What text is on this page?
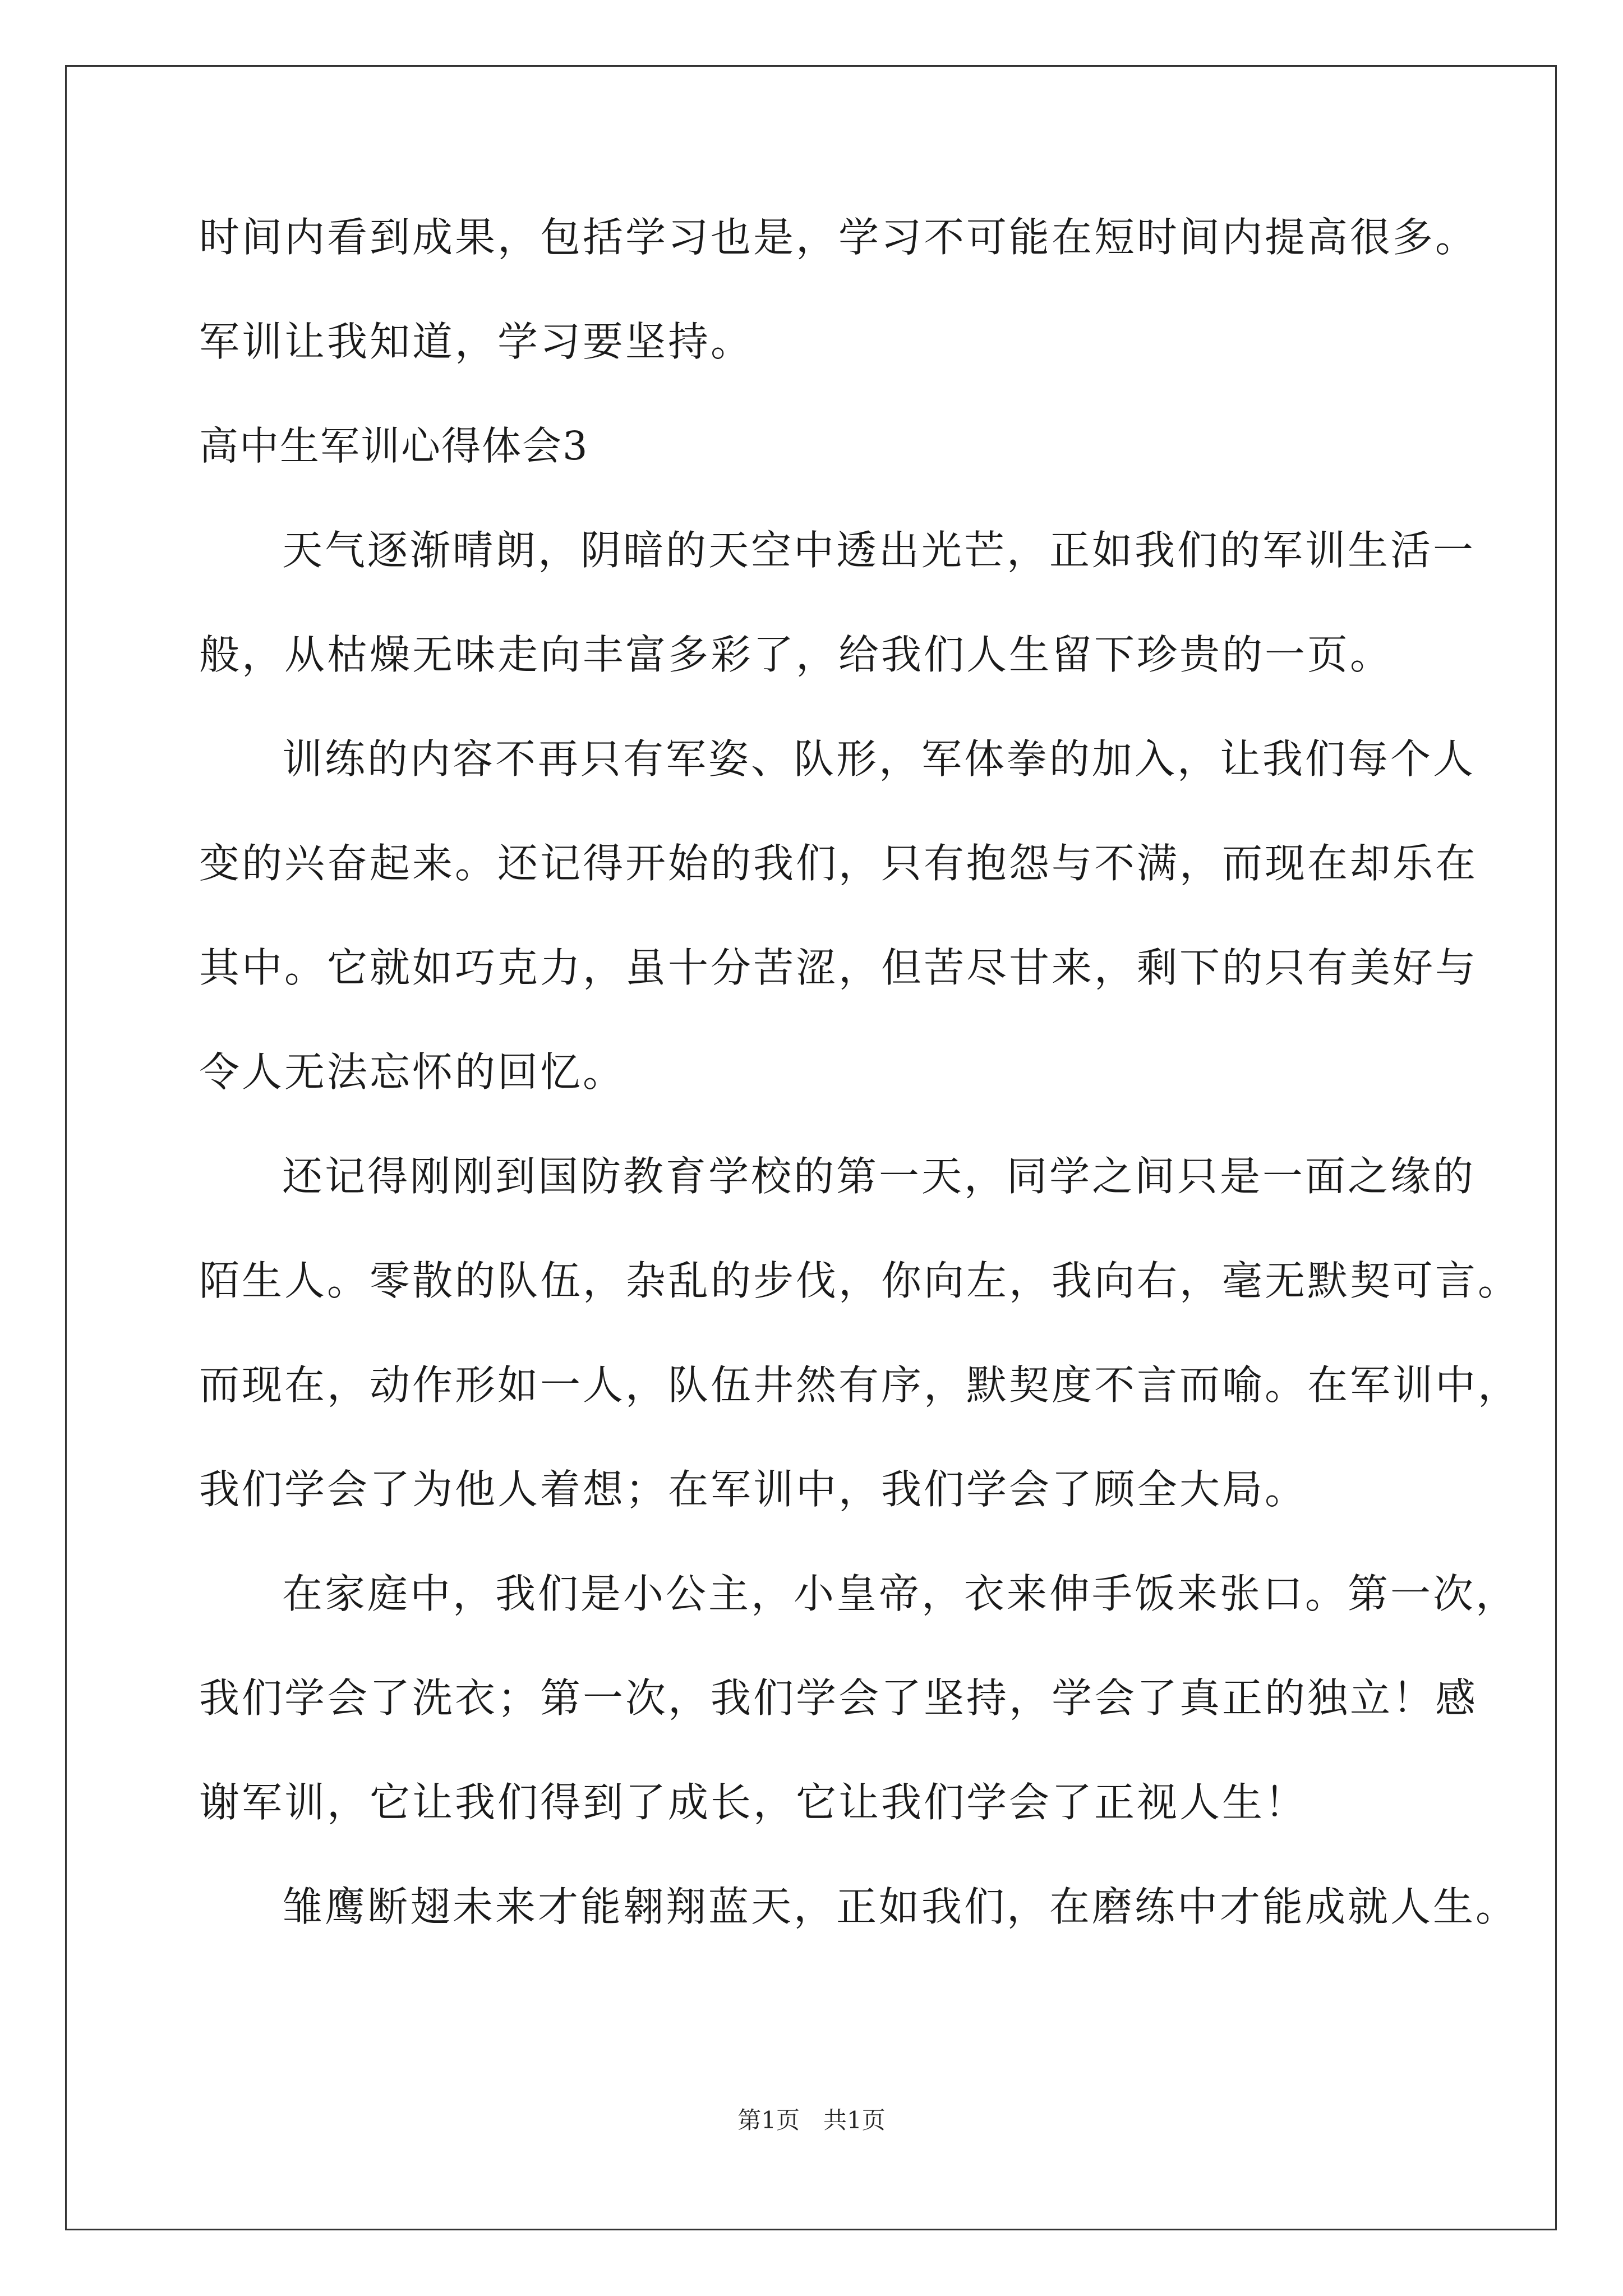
时间内看到成果，包括学习也是，学习不可能在短时间内提高很多。
军训让我知道，学习要坚持。
高中生军训心得体会3
天气逐渐晴朗，阴暗的天空中透出光芒，正如我们的军训生活一
般，从枯燥无味走向丰富多彩了，给我们人生留下珍贵的一页。
训练的内容不再只有军姿、队形，军体拳的加入，让我们每个人
变的兴奋起来。还记得开始的我们，只有抱怨与不满，而现在却乐在
其中。它就如巧克力，虽十分苦涩，但苦尽甘来，剩下的只有美好与
令人无法忘怀的回忆。
还记得刚刚到国防教育学校的第一天，同学之间只是一面之缘的
陌生人。零散的队伍，杂乱的步伐，你向左，我向右，毫无默契可言。
而现在，动作形如一人，队伍井然有序，默契度不言而喻。在军训中，
我们学会了为他人着想；在军训中，我们学会了顾全大局。
在家庭中，我们是小公主，小皇帝，衣来伸手饭来张口。第一次，
我们学会了洗衣；第一次，我们学会了坚持，学会了真正的独立！感
谢军训，它让我们得到了成长，它让我们学会了正视人生！
雏鹰断翅未来才能翱翔蓝天，正如我们，在磨练中才能成就人生。
第1页　共1页
